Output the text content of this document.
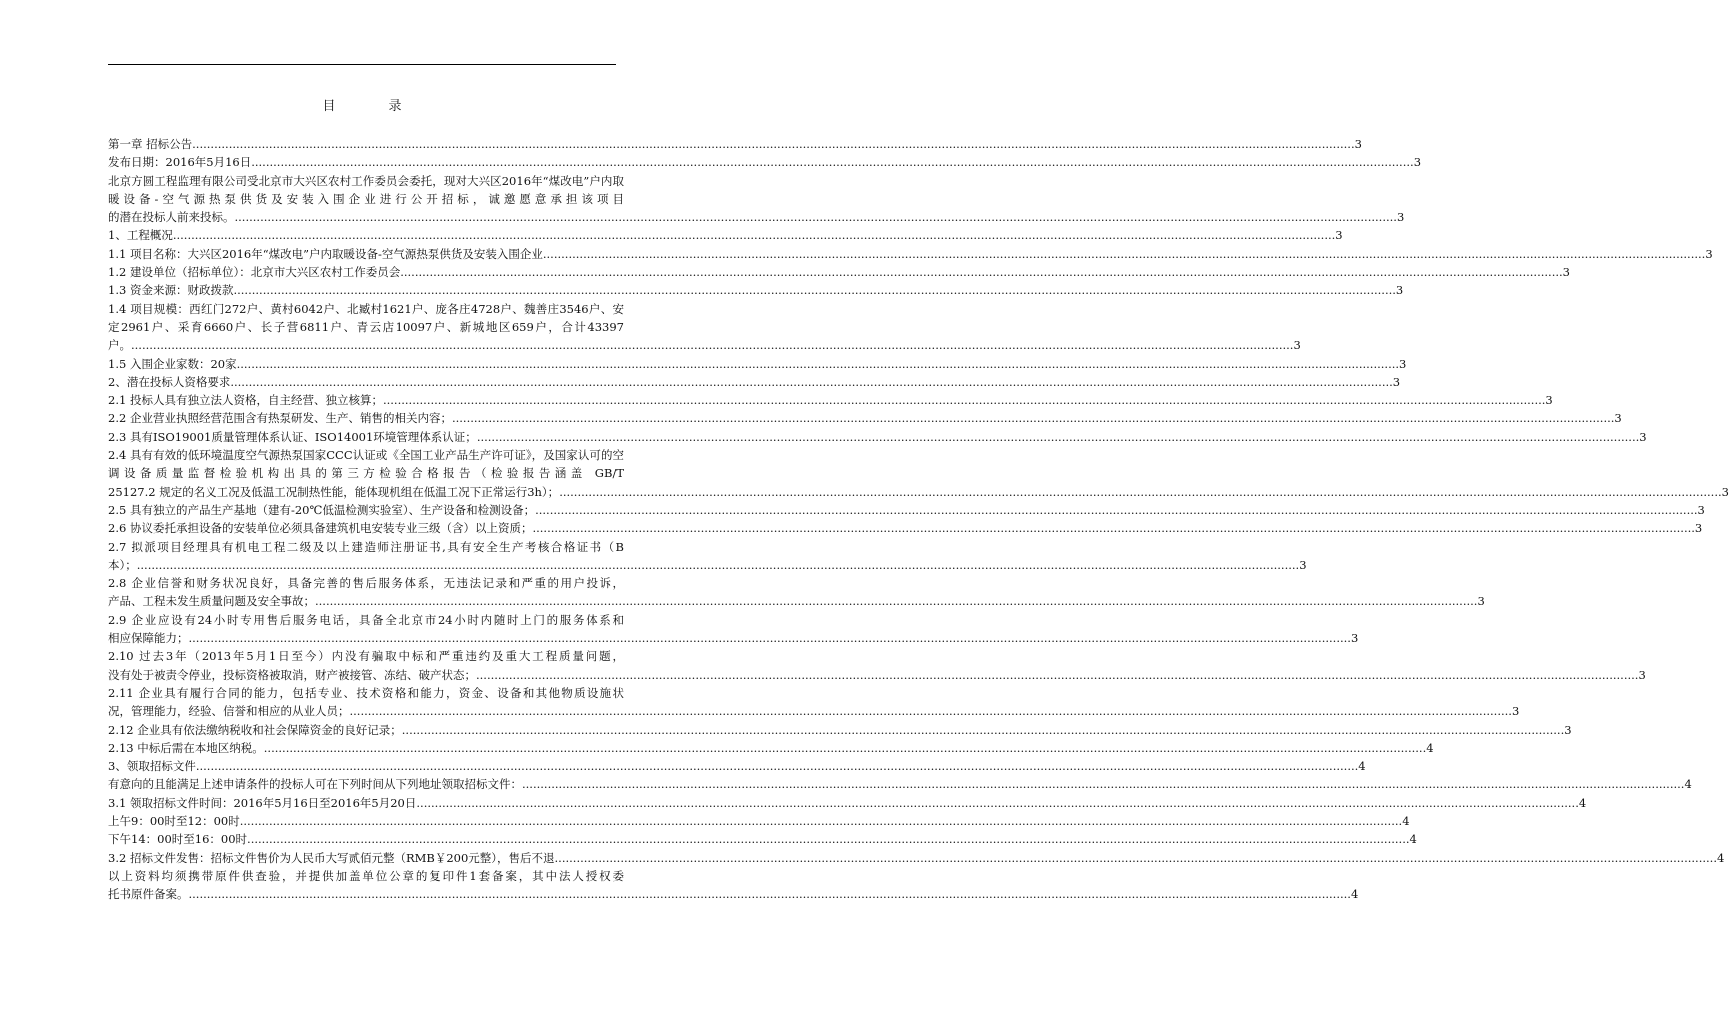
目　录
第一章 招标公告 .............................................................................................................................................................................................................................................................................................................................. 3
发布日期：2016年5月16日 .............................................................................................................................................................................................................................................................................................................................. 3
北京方圆工程监理有限公司受北京市大兴区农村工作委员会委托，现对大兴区2016年“煤改电”户内取暖设备-空气源热泵供货及安装入围企业进行公开招标，诚邀愿意承担该项目
的潜在投标人前来投标。 .............................................................................................................................................................................................................................................................................................................................. 3
1、工程概况 .............................................................................................................................................................................................................................................................................................................................. 3
1.1 项目名称：大兴区2016年“煤改电”户内取暖设备-空气源热泵供货及安装入围企业 .............................................................................................................................................................................................................................................................................................................................. 3
1.2 建设单位（招标单位）：北京市大兴区农村工作委员会 .............................................................................................................................................................................................................................................................................................................................. 3
1.3 资金来源：财政拨款 .............................................................................................................................................................................................................................................................................................................................. 3
1.4 项目规模：西红门272户、黄村6042户、北臧村1621户、庞各庄4728户、魏善庄3546户、安定2961户、采育6660户、长子营6811户、青云店10097户、新城地区659户，合计43397
户。 .............................................................................................................................................................................................................................................................................................................................. 3
1.5 入围企业家数：20家 .............................................................................................................................................................................................................................................................................................................................. 3
2、潜在投标人资格要求 .............................................................................................................................................................................................................................................................................................................................. 3
2.1 投标人具有独立法人资格，自主经营、独立核算； .............................................................................................................................................................................................................................................................................................................................. 3
2.2 企业营业执照经营范围含有热泵研发、生产、销售的相关内容； .............................................................................................................................................................................................................................................................................................................................. 3
2.3 具有ISO19001质量管理体系认证、ISO14001环境管理体系认证； .............................................................................................................................................................................................................................................................................................................................. 3
2.4 具有有效的低环境温度空气源热泵国家CCC认证或《全国工业产品生产许可证》，及国家认可的空调设备质量监督检验机构出具的第三方检验合格报告（检验报告涵盖 GB/T
25127.2 规定的名义工况及低温工况制热性能，能体现机组在低温工况下正常运行3h）； .............................................................................................................................................................................................................................................................................................................................. 3
2.5 具有独立的产品生产基地（建有-20℃低温检测实验室）、生产设备和检测设备； .............................................................................................................................................................................................................................................................................................................................. 3
2.6 协议委托承担设备的安装单位必须具备建筑机电安装专业三级（含）以上资质； .............................................................................................................................................................................................................................................................................................................................. 3
2.7 拟派项目经理具有机电工程二级及以上建造师注册证书,具有安全生产考核合格证书（B
本）； .............................................................................................................................................................................................................................................................................................................................. 3
2.8 企业信誉和财务状况良好，具备完善的售后服务体系，无违法记录和严重的用户投诉，
产品、工程未发生质量问题及安全事故； .............................................................................................................................................................................................................................................................................................................................. 3
2.9 企业应设有24小时专用售后服务电话，具备全北京市24小时内随时上门的服务体系和
相应保障能力； .............................................................................................................................................................................................................................................................................................................................. 3
2.10 过去3年（2013年5月1日至今）内没有骗取中标和严重违约及重大工程质量问题，
没有处于被责令停业，投标资格被取消，财产被接管、冻结、破产状态； .............................................................................................................................................................................................................................................................................................................................. 3
2.11 企业具有履行合同的能力，包括专业、技术资格和能力，资金、设备和其他物质设施状
况，管理能力，经验、信誉和相应的从业人员； .............................................................................................................................................................................................................................................................................................................................. 3
2.12 企业具有依法缴纳税收和社会保障资金的良好记录； .............................................................................................................................................................................................................................................................................................................................. 3
2.13 中标后需在本地区纳税。 .............................................................................................................................................................................................................................................................................................................................. 4
3、领取招标文件 .............................................................................................................................................................................................................................................................................................................................. 4
有意向的且能满足上述申请条件的投标人可在下列时间从下列地址领取招标文件： .............................................................................................................................................................................................................................................................................................................................. 4
3.1 领取招标文件时间：2016年5月16日至2016年5月20日 .............................................................................................................................................................................................................................................................................................................................. 4
上午9：00时至12：00时 .............................................................................................................................................................................................................................................................................................................................. 4
下午14：00时至16：00时 .............................................................................................................................................................................................................................................................................................................................. 4
3.2 招标文件发售：招标文件售价为人民币大写贰佰元整（RMB￥200元整），售后不退 .............................................................................................................................................................................................................................................................................................................................. 4
以上资料均须携带原件供查验，并提供加盖单位公章的复印件1套备案，其中法人授权委
托书原件备案。 .............................................................................................................................................................................................................................................................................................................................. 4
